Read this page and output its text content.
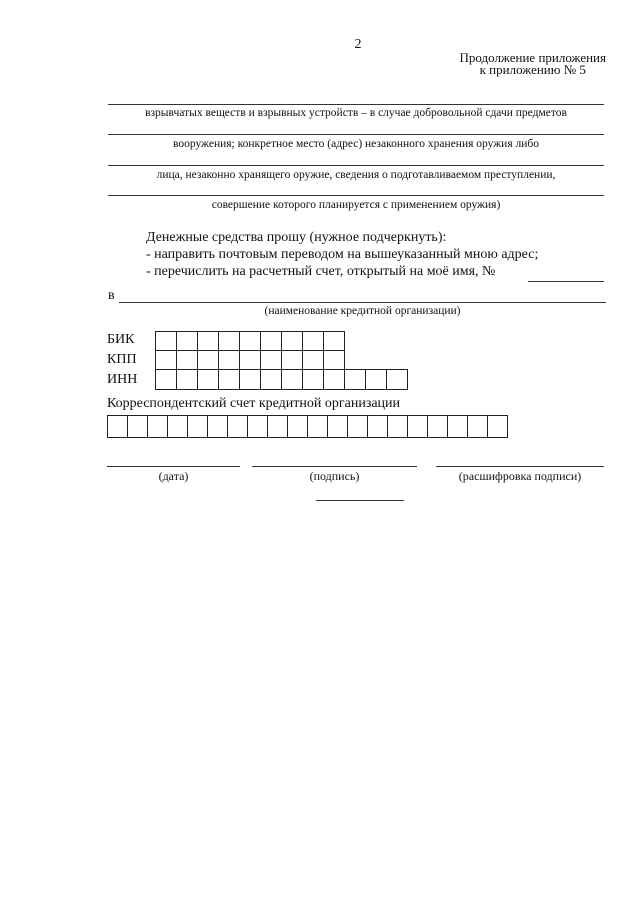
2
Продолжение приложения
к приложению № 5
взрывчатых веществ и взрывных устройств – в случае добровольной сдачи предметов
вооружения; конкретное место (адрес) незаконного хранения оружия либо
лица, незаконно хранящего оружие, сведения о подготавливаемом преступлении,
совершение которого планируется с применением оружия)
Денежные средства прошу (нужное подчеркнуть):
- направить почтовым переводом на вышеуказанный мною адрес;
- перечислить на расчетный счет, открытый на моё имя, №
в
(наименование кредитной организации)
БИК
КПП
ИНН
Корреспондентский счет кредитной организации
(дата)	(подпись)	(расшифровка подписи)
